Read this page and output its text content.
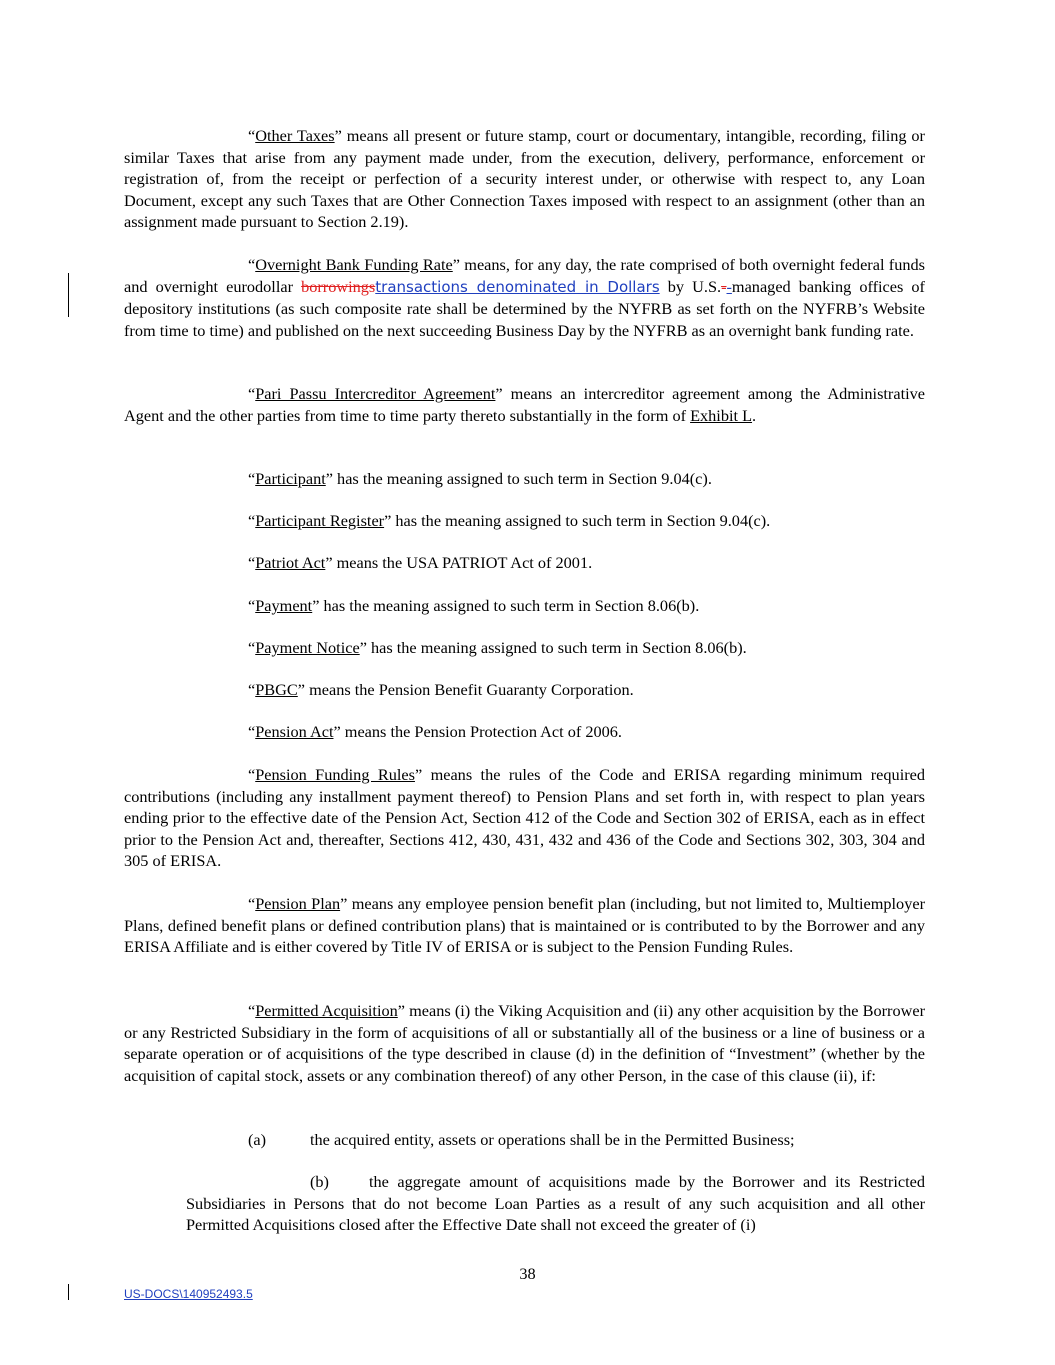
“Other Taxes” means all present or future stamp, court or documentary, intangible, recording, filing or similar Taxes that arise from any payment made under, from the execution, delivery, performance, enforcement or registration of, from the receipt or perfection of a security interest under, or otherwise with respect to, any Loan Document, except any such Taxes that are Other Connection Taxes imposed with respect to an assignment (other than an assignment made pursuant to Section 2.19).

“Overnight Bank Funding Rate” means, for any day, the rate comprised of both overnight federal funds and overnight eurodollar borrowingstransactions denominated in Dollars by U.S.--managed banking offices of depository institutions (as such composite rate shall be determined by the NYFRB as set forth on the NYFRB’s Website from time to time) and published on the next succeeding Business Day by the NYFRB as an overnight bank funding rate.

“Pari Passu Intercreditor Agreement” means an intercreditor agreement among the Administrative Agent and the other parties from time to time party thereto substantially in the form of Exhibit L.

“Participant” has the meaning assigned to such term in Section 9.04(c).

“Participant Register” has the meaning assigned to such term in Section 9.04(c).

“Patriot Act” means the USA PATRIOT Act of 2001.

“Payment” has the meaning assigned to such term in Section 8.06(b).

“Payment Notice” has the meaning assigned to such term in Section 8.06(b).

“PBGC” means the Pension Benefit Guaranty Corporation.

“Pension Act” means the Pension Protection Act of 2006.

“Pension Funding Rules” means the rules of the Code and ERISA regarding minimum required contributions (including any installment payment thereof) to Pension Plans and set forth in, with respect to plan years ending prior to the effective date of the Pension Act, Section 412 of the Code and Section 302 of ERISA, each as in effect prior to the Pension Act and, thereafter, Sections 412, 430, 431, 432 and 436 of the Code and Sections 302, 303, 304 and 305 of ERISA.

“Pension Plan” means any employee pension benefit plan (including, but not limited to, Multiemployer Plans, defined benefit plans or defined contribution plans) that is maintained or is contributed to by the Borrower and any ERISA Affiliate and is either covered by Title IV of ERISA or is subject to the Pension Funding Rules.

“Permitted Acquisition” means (i) the Viking Acquisition and (ii) any other acquisition by the Borrower or any Restricted Subsidiary in the form of acquisitions of all or substantially all of the business or a line of business or a separate operation or of acquisitions of the type described in clause (d) in the definition of “Investment” (whether by the acquisition of capital stock, assets or any combination thereof) of any other Person, in the case of this clause (ii), if:

(a)	the acquired entity, assets or operations shall be in the Permitted Business;

(b) the aggregate amount of acquisitions made by the Borrower and its Restricted Subsidiaries in Persons that do not become Loan Parties as a result of any such acquisition and all other Permitted Acquisitions closed after the Effective Date shall not exceed the greater of (i)

38
US-DOCS\140952493.5
